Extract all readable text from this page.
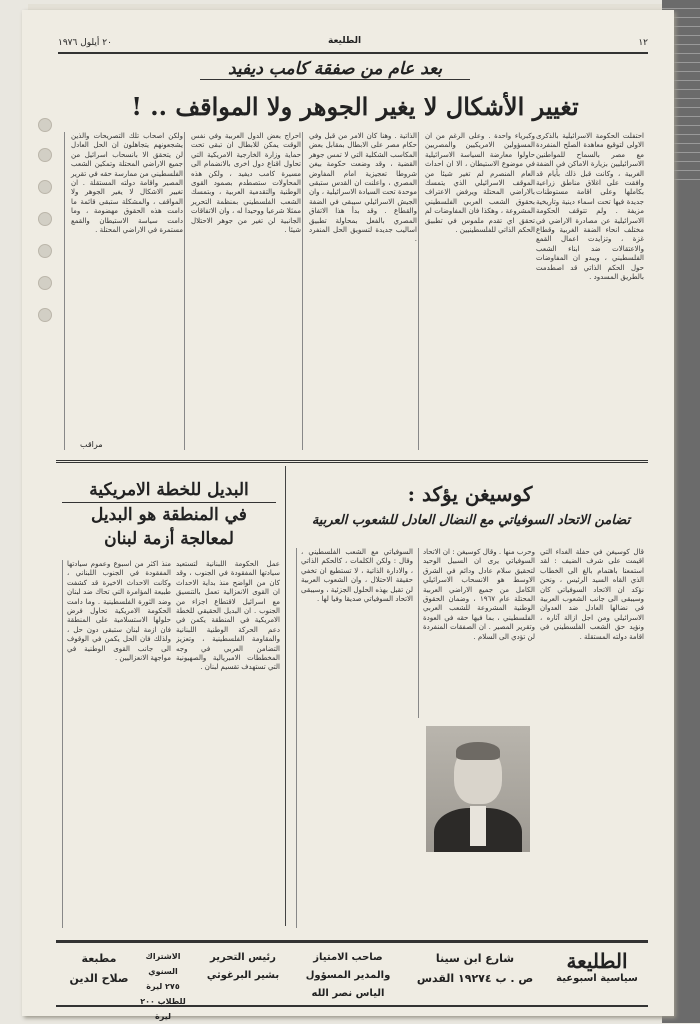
٢٠ أيلول ١٩٧٦	الطليعة	١٢
بعد عام من صفقة كامب ديفيد
تغيير الأشكال لا يغير الجوهر ولا المواقف .. !
احتفلت الحكومة الاسرائيلية بالذكرى الاولى لتوقيع معاهدة الصلح المنفردة مع مصر بالسماح للمواطنين الاسرائيليين بزيارة الاماكن في الضفة الغربية ، وكانت قبل ذلك بأيام قد وافقت على اغلاق مناطق زراعية بكاملها وعلى اقامة مستوطنات جديدة فيها تحت اسماء دينية وتاريخية مزيفة . ولم تتوقف الحكومة الاسرائيلية عن مصادرة الاراضي في مختلف انحاء الضفة الغربية وقطاع غزة ، وتزايدت اعمال القمع والاعتقالات ضد ابناء الشعب الفلسطيني ، ويبدو ان المفاوضات حول الحكم الذاتي قد اصطدمت بالطريق المسدود .
وكبرياء واحدة . وعلى الرغم من ان المسؤولين الامريكيين والمصريين حاولوا معارضة السياسة الاسرائيلية في موضوع الاستيطان ، الا ان احداث العام المنصرم لم تغير شيئا من الموقف الاسرائيلي الذي يتمسك بالاراضي المحتلة ويرفض الاعتراف بحقوق الشعب العربي الفلسطيني المشروعة ، وهكذا فان المفاوضات لم تحقق اي تقدم ملموس في تطبيق الحكم الذاتي للفلسطينيين .
الذاتية . وهنا كان الامر من قبل وفي حكام مصر على الابطال بمقابل بعض المكاسب الشكلية التي لا تمس جوهر القضية ، وقد وضعت حكومة بيغن شروطا تعجيزية امام المفاوض المصري ، واعلنت ان القدس ستبقى موحدة تحت السيادة الاسرائيلية ، وان الجيش الاسرائيلي سيبقى في الضفة والقطاع . وقد بدأ هذا الاتفاق المصري بالفعل بمحاولة تطبيق اساليب جديدة لتسويق الحل المنفرد .
احراج بعض الدول العربية وفي نفس الوقت يمكن للابطال ان تبقى تحت حماية وزارة الخارجية الامريكية التي تحاول اقناع دول اخرى بالانضمام الى مسيرة كامب ديفيد ، ولكن هذه المحاولات ستصطدم بصمود القوى الوطنية والتقدمية العربية ، وبتمسك الشعب الفلسطيني بمنظمة التحرير ممثلا شرعيا ووحيدا له ، وان الاتفاقات الجانبية لن تغير من جوهر الاحتلال شيئا .
ولكن اصحاب تلك التصريحات والذين يشجعونهم يتجاهلون ان الحل العادل لن يتحقق الا بانسحاب اسرائيل من جميع الاراضي المحتلة وتمكين الشعب الفلسطيني من ممارسة حقه في تقرير المصير واقامة دولته المستقلة . ان تغيير الاشكال لا يغير الجوهر ولا المواقف ، والمشكلة ستبقى قائمة ما دامت هذه الحقوق مهضومة ، وما دامت سياسة الاستيطان والقمع مستمرة في الاراضي المحتلة .
مراقب
البديل للخطة الامريكية
في المنطقة هو البديل
لمعالجة أزمة لبنان
عمل الحكومة اللبنانية لتستعيد سيادتها المفقودة في الجنوب ، وقد كان من الواضح منذ بداية الاحداث ان القوى الانعزالية تعمل بالتنسيق مع اسرائيل لاقتطاع اجزاء من الجنوب . ان البديل الحقيقي للخطة الامريكية في المنطقة يكمن في دعم الحركة الوطنية اللبنانية والمقاومة الفلسطينية ، وتعزيز التضامن العربي في وجه المخططات الامبريالية والصهيونية التي تستهدف تقسيم لبنان .
منذ اكثر من اسبوع وعموم سيادتها المفقودة في الجنوب اللبناني ، وكانت الاحداث الاخيرة قد كشفت طبيعة المؤامرة التي تحاك ضد لبنان وضد الثورة الفلسطينية . وما دامت الحكومة الامريكية تحاول فرض حلولها الاستسلامية على المنطقة فان ازمة لبنان ستبقى دون حل ، ولذلك فان الحل يكمن في الوقوف الى جانب القوى الوطنية في مواجهة الانعزاليين .
كوسيغن يؤكد :
تضامن الاتحاد السوفياتي مع النضال العادل للشعوب العربية
قال كوسيغن في حفلة الغداء التي اقيمت على شرف الضيف : لقد استمعنا باهتمام بالغ الى الخطاب الذي القاه السيد الرئيس ، ونحن نؤكد ان الاتحاد السوفياتي كان وسيبقى الى جانب الشعوب العربية في نضالها العادل ضد العدوان الاسرائيلي ومن اجل ازالة آثاره ، ونؤيد حق الشعب الفلسطيني في اقامة دولته المستقلة .
وحرب منها . وقال كوسيغن : ان الاتحاد السوفياتي يرى ان السبيل الوحيد لتحقيق سلام عادل ودائم في الشرق الاوسط هو الانسحاب الاسرائيلي الكامل من جميع الاراضي العربية المحتلة عام ١٩٦٧ ، وضمان الحقوق الوطنية المشروعة للشعب العربي الفلسطيني ، بما فيها حقه في العودة وتقرير المصير . ان الصفقات المنفردة لن تؤدي الى السلام .
السوفياتي مع الشعب الفلسطيني ، وقال : ولكن الكلمات ، كالحكم الذاتي ، والادارة الذاتية ، لا تستطيع ان تخفي حقيقة الاحتلال ، وان الشعوب العربية لن تقبل بهذه الحلول الجزئية ، وسيبقى الاتحاد السوفياتي صديقا وفيا لها .
الطليعة
سياسية اسبوعية
شارع ابن سينا
ص . ب ١٩٢٧٤ القدس
صاحب الامتياز والمدير المسؤول
الياس نصر الله
رئيس التحرير
بشير البرغوثي
الاشتراك السنوي
٢٧٥ ليرة
للطلاب ٢٠٠ ليرة
مطبعة
صلاح الدين
